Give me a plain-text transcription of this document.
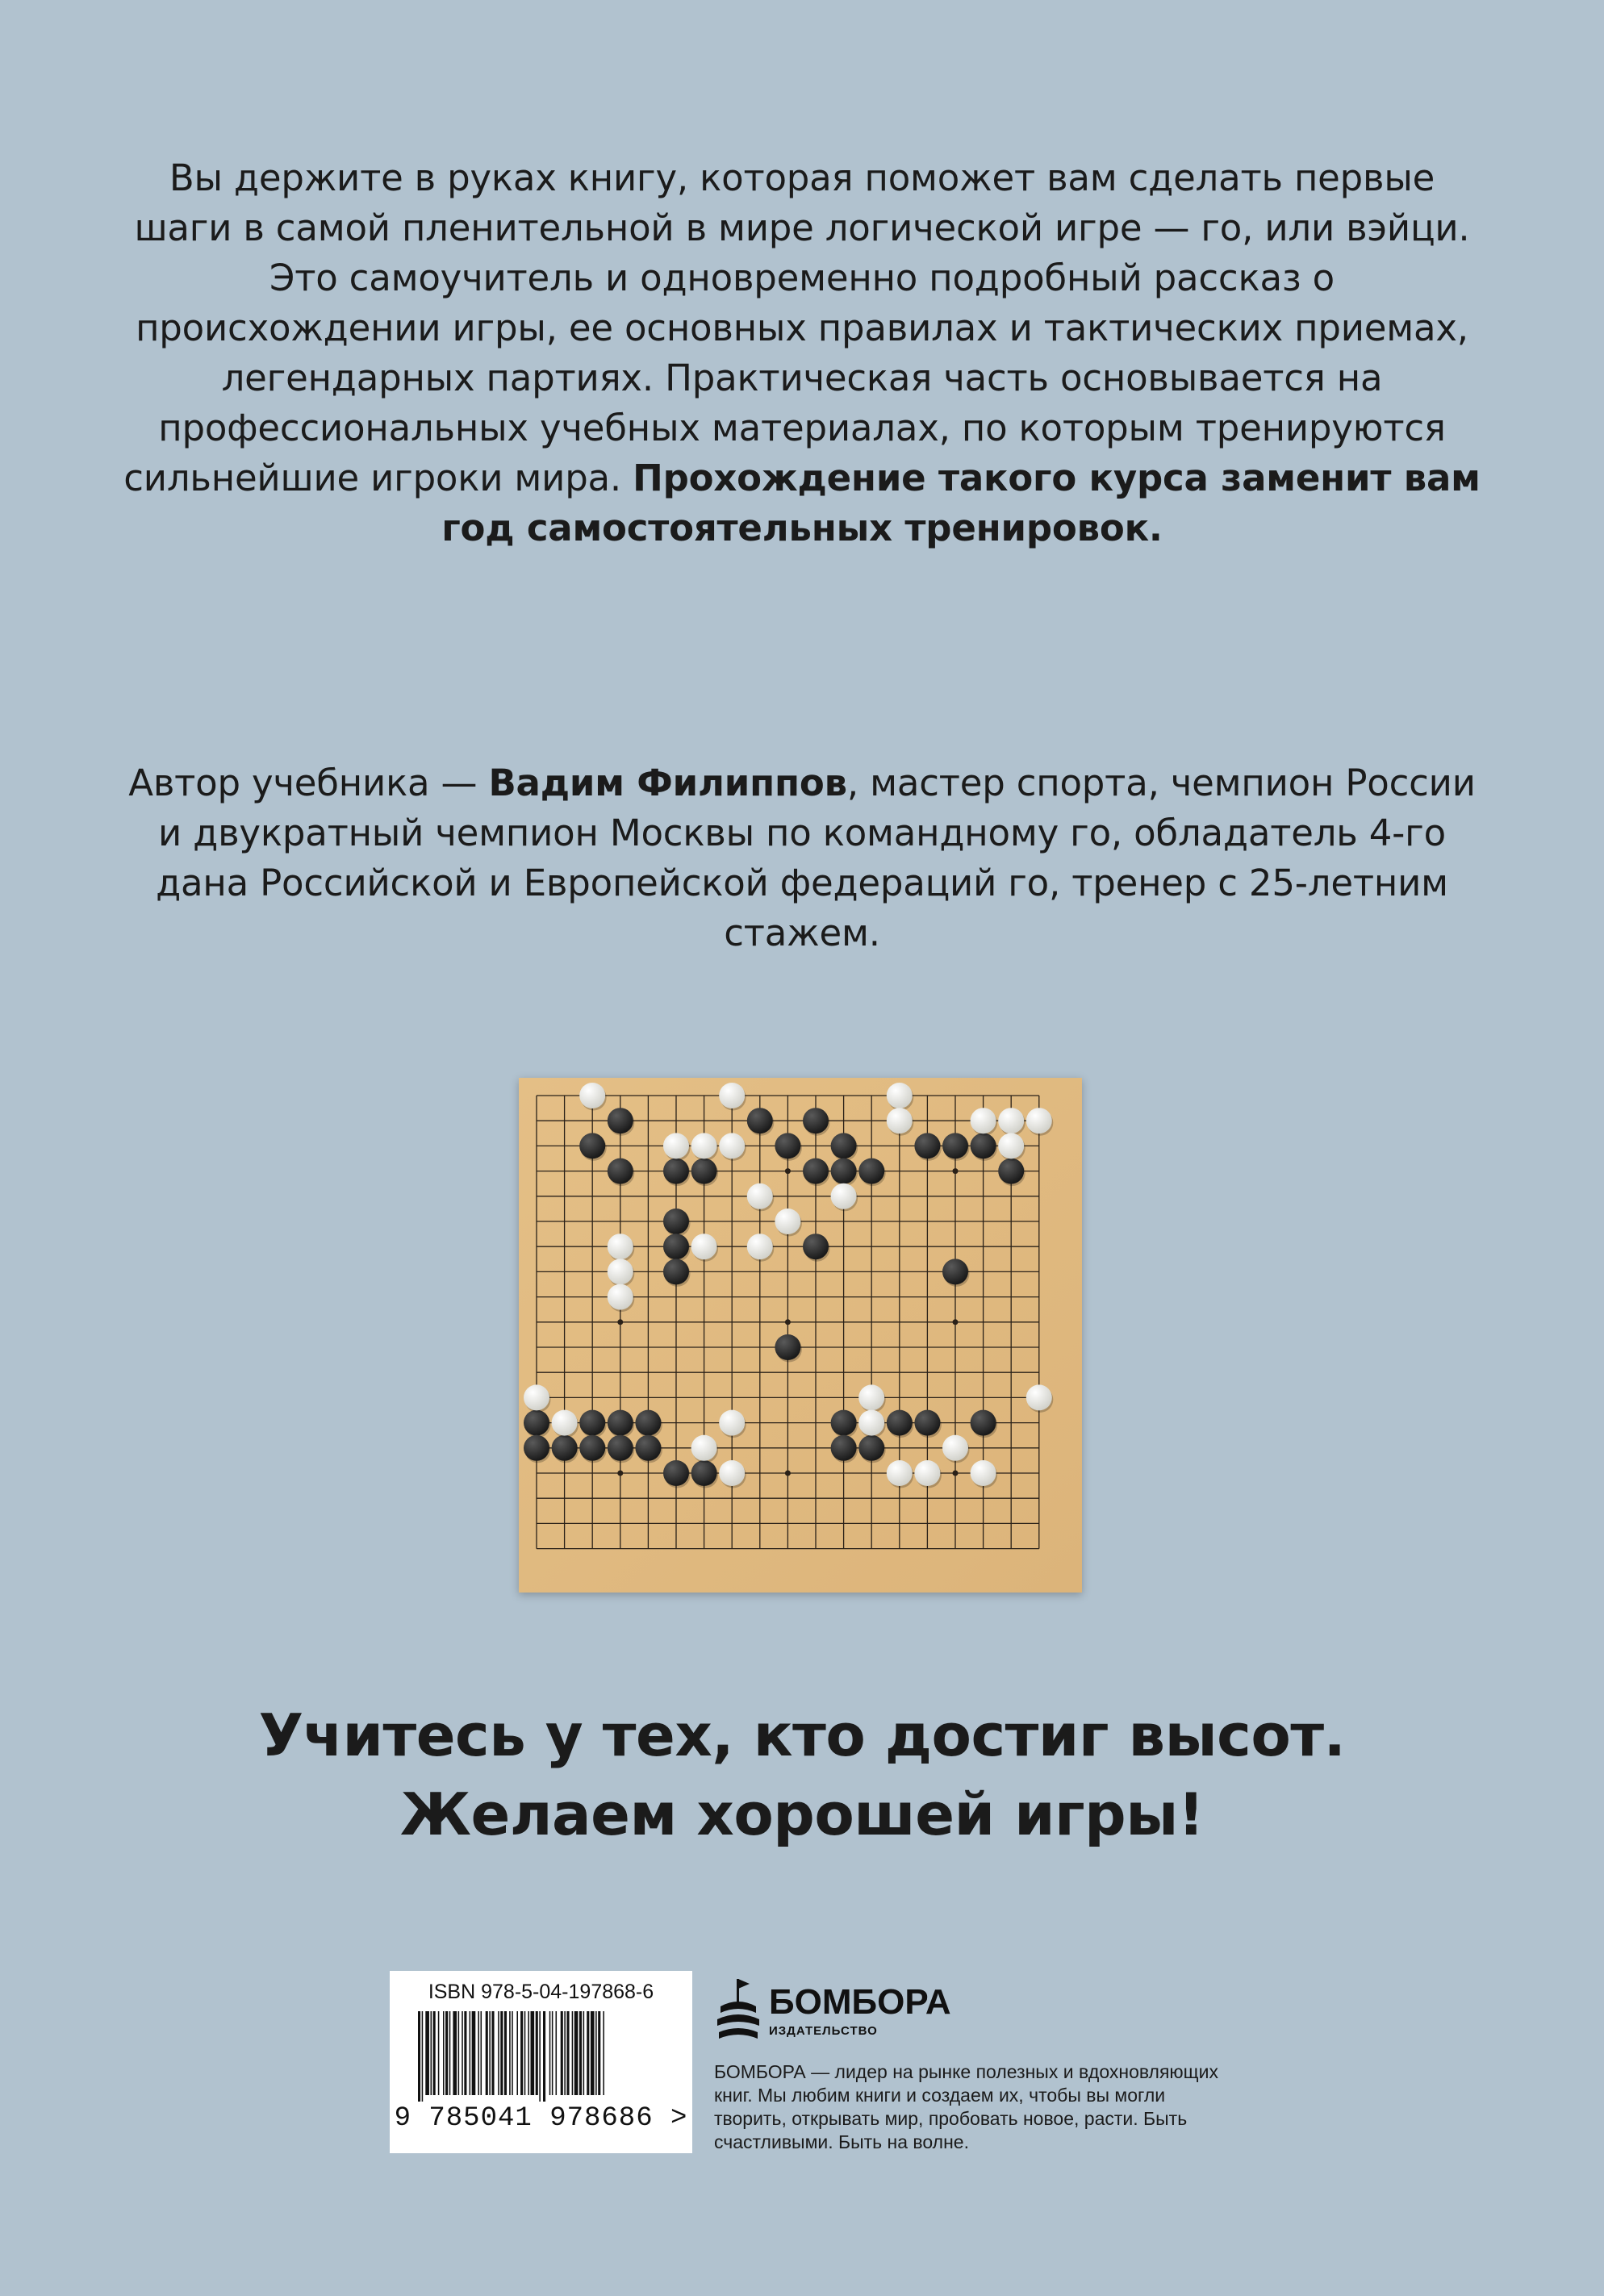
Вы держите в руках книгу, которая поможет вам сделать первые шаги в самой пленительной в мире логической игре — го, или вэйци. Это самоучитель и одновременно подробный рассказ о происхождении игры, ее основных правилах и тактических приемах, легендарных партиях. Практическая часть основывается на профессиональных учебных материалах, по которым тренируются сильнейшие игроки мира. Прохождение такого курса заменит вам год самостоятельных тренировок.

Автор учебника — Вадим Филиппов, мастер спорта, чемпион России и двукратный чемпион Москвы по командному го, обладатель 4-го дана Российской и Европейской федераций го, тренер с 25-летним стажем.

Учитесь у тех, кто достиг высот.
Желаем хорошей игры!

ISBN 978-5-04-197868-6
9 785041 978686 >
БОМБОРА
ИЗДАТЕЛЬСТВО

БОМБОРА — лидер на рынке полезных и вдохновляющих книг. Мы любим книги и создаем их, чтобы вы могли творить, открывать мир, пробовать новое, расти. Быть счастливыми. Быть на волне.
